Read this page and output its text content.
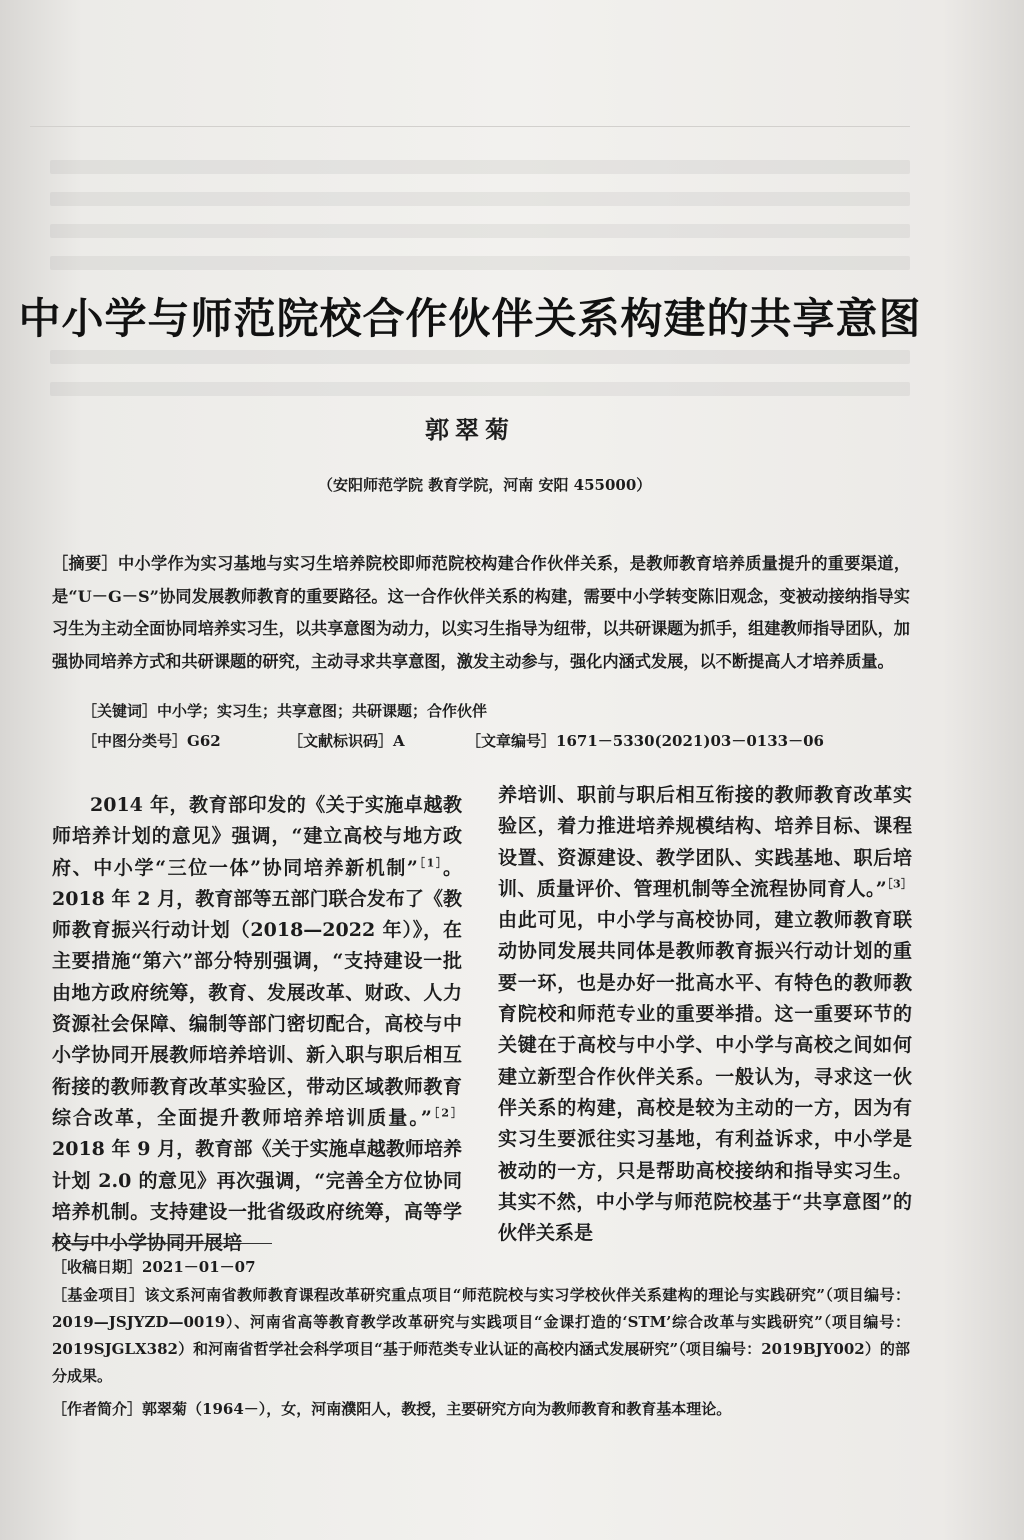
中小学与师范院校合作伙伴关系构建的共享意图
郭翠菊
（安阳师范学院 教育学院，河南 安阳 455000）
［摘要］中小学作为实习基地与实习生培养院校即师范院校构建合作伙伴关系，是教师教育培养质量提升的重要渠道，是“U－G－S”协同发展教师教育的重要路径。这一合作伙伴关系的构建，需要中小学转变陈旧观念，变被动接纳指导实习生为主动全面协同培养实习生，以共享意图为动力，以实习生指导为纽带，以共研课题为抓手，组建教师指导团队，加强协同培养方式和共研课题的研究，主动寻求共享意图，激发主动参与，强化内涵式发展，以不断提高人才培养质量。
［关键词］中小学；实习生；共享意图；共研课题；合作伙伴
［中图分类号］G62	［文献标识码］A	［文章编号］1671－5330(2021)03－0133－06

2014 年，教育部印发的《关于实施卓越教师培养计划的意见》强调，“建立高校与地方政府、中小学“三位一体”协同培养新机制”$^{[1]}$。2018 年 2 月，教育部等五部门联合发布了《教师教育振兴行动计划（2018—2022 年）》，在主要措施“第六”部分特别强调，“支持建设一批由地方政府统筹，教育、发展改革、财政、人力资源社会保障、编制等部门密切配合，高校与中小学协同开展教师培养培训、新入职与职后相互衔接的教师教育改革实验区，带动区域教师教育综合改革，全面提升教师培养培训质量。”$^{[2]}$2018 年 9 月，教育部《关于实施卓越教师培养计划 2.0 的意见》再次强调，“完善全方位协同培养机制。支持建设一批省级政府统筹，高等学校与中小学协同开展培

养培训、职前与职后相互衔接的教师教育改革实验区，着力推进培养规模结构、培养目标、课程设置、资源建设、教学团队、实践基地、职后培训、质量评价、管理机制等全流程协同育人。”$^{[3]}$由此可见，中小学与高校协同，建立教师教育联动协同发展共同体是教师教育振兴行动计划的重要一环，也是办好一批高水平、有特色的教师教育院校和师范专业的重要举措。这一重要环节的关键在于高校与中小学、中小学与高校之间如何建立新型合作伙伴关系。一般认为，寻求这一伙伴关系的构建，高校是较为主动的一方，因为有实习生要派往实习基地，有利益诉求，中小学是被动的一方，只是帮助高校接纳和指导实习生。其实不然，中小学与师范院校基于“共享意图”的伙伴关系是

［收稿日期］2021－01－07
［基金项目］该文系河南省教师教育课程改革研究重点项目“师范院校与实习学校伙伴关系建构的理论与实践研究”（项目编号：2019—JSJYZD—0019）、河南省高等教育教学改革研究与实践项目“金课打造的‘STM’综合改革与实践研究”（项目编号：2019SJGLX382）和河南省哲学社会科学项目“基于师范类专业认证的高校内涵式发展研究”（项目编号：2019BJY002）的部分成果。
［作者简介］郭翠菊（1964－），女，河南濮阳人，教授，主要研究方向为教师教育和教育基本理论。
